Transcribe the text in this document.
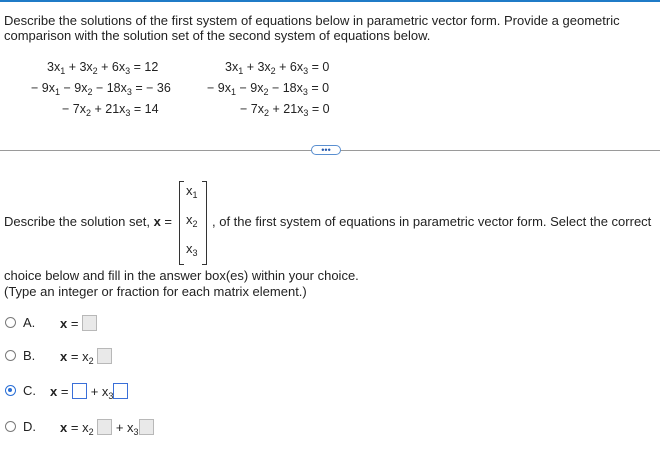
Describe the solutions of the first system of equations below in parametric vector form. Provide a geometric
comparison with the solution set of the second system of equations below.
$3x_1 + 3x_2 + 6x_3 = 12$
− $9x_1 - 9x_2 - 18x_3$ = − 36
− $7x_2 + 21x_3 = 14$
$3x_1 + 3x_2 + 6x_3 = 0$
− $9x_1 - 9x_2 - 18x_3 = 0$
− $7x_2 + 21x_3 = 0$
•••
Describe the solution set, x =
$x_1$
$x_2$
$x_3$
, of the first system of equations in parametric vector form. Select the correct
choice below and fill in the answer box(es) within your choice.
(Type an integer or fraction for each matrix element.)
A. x =
B. $x = x_2$
C. x =  + $x_3$
D. $x = x_2 + x_3$
